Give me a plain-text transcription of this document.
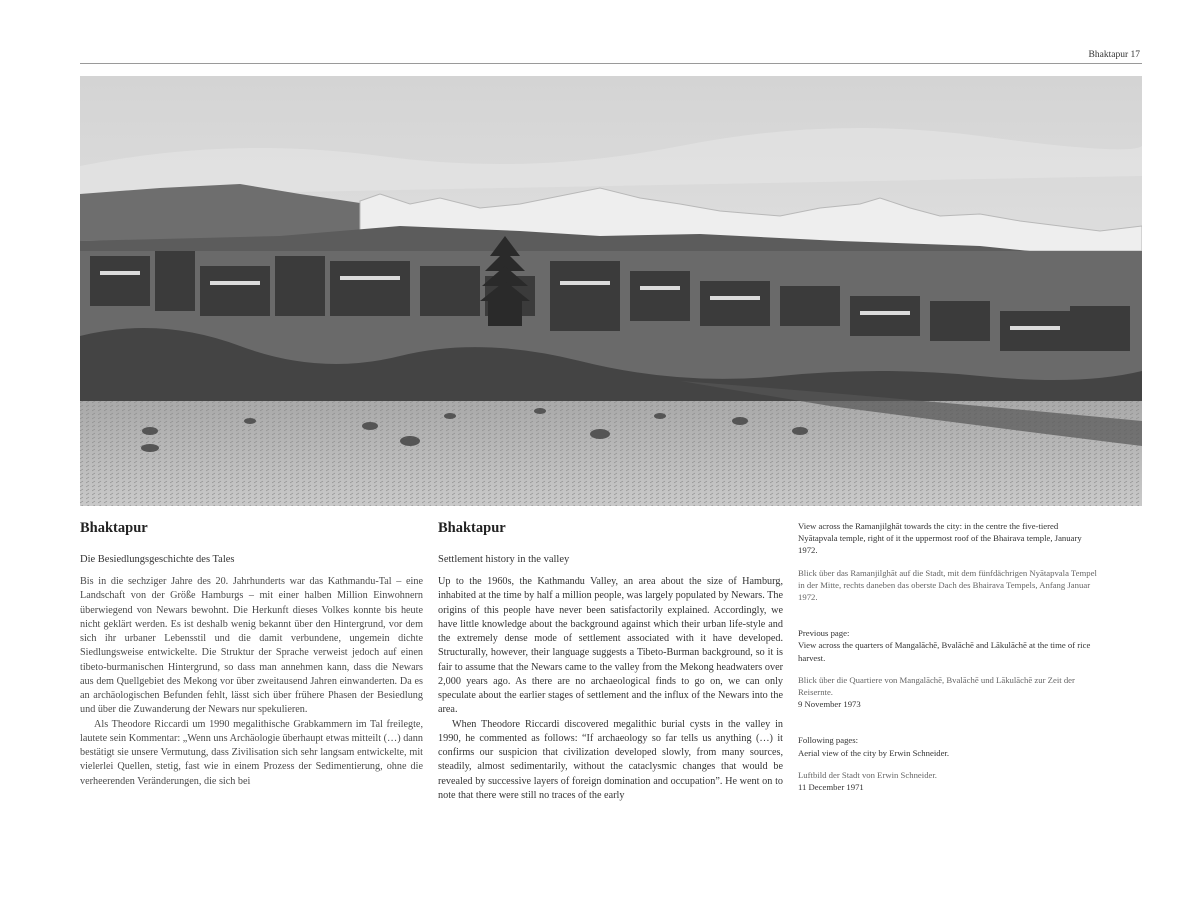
Bhaktapur 17
Bhaktapur
Die Besiedlungsgeschichte des Tales

Bis in die sechziger Jahre des 20. Jahrhunderts war das Kathmandu-Tal – eine Landschaft von der Größe Hamburgs – mit einer halben Million Einwohnern überwiegend von Newars bewohnt. Die Herkunft dieses Volkes konnte bis heute nicht geklärt werden. Es ist deshalb wenig bekannt über den Hintergrund, vor dem sich ihr urbaner Lebensstil und die damit verbundene, ungemein dichte Siedlungsweise entwickelte. Die Struktur der Sprache verweist jedoch auf einen tibeto-burmanischen Hintergrund, so dass man annehmen kann, dass die Newars aus dem Quellgebiet des Mekong vor über zweitausend Jahren einwanderten. Da es an archäologischen Befunden fehlt, lässt sich über frühere Phasen der Besiedlung und über die Zuwanderung der Newars nur spekulieren.

Als Theodore Riccardi um 1990 megalithische Grabkammern im Tal freilegte, lautete sein Kommentar: „Wenn uns Archäologie überhaupt etwas mitteilt (…) dann bestätigt sie unsere Vermutung, dass Zivilisation sich sehr langsam entwickelte, mit vielerlei Quellen, stetig, fast wie in einem Prozess der Sedimentierung, ohne die verheerenden Veränderungen, die sich bei

Bhaktapur
Settlement history in the valley

Up to the 1960s, the Kathmandu Valley, an area about the size of Hamburg, inhabited at the time by half a million people, was largely populated by Newars. The origins of this people have never been satisfactorily explained. Accordingly, we have little knowledge about the background against which their urban life-style and the extremely dense mode of settlement associated with it have developed. Structurally, however, their language suggests a Tibeto-Burman background, so it is fair to assume that the Newars came to the valley from the Mekong headwaters over 2,000 years ago. As there are no archaeological finds to go on, we can only speculate about the earlier stages of settlement and the influx of the Newars into the area.

When Theodore Riccardi discovered megalithic burial cysts in the valley in 1990, he commented as follows: “If archaeology so far tells us anything (…) it confirms our suspicion that civilization developed slowly, from many sources, steadily, almost sedimentarily, without the cataclysmic changes that would be revealed by successive layers of foreign domination and occupation”. He went on to note that there were still no traces of the early

View across the Ramanjilghāt towards the city: in the centre the five-tiered Nyātapvala temple, right of it the uppermost roof of the Bhairava temple, January 1972.

Blick über das Ramanjilghāt auf die Stadt, mit dem fünfdächrigen Nyātapvala Tempel in der Mitte, rechts daneben das oberste Dach des Bhairava Tempels, Anfang Januar 1972.

Previous page:

View across the quarters of Mangalāchē, Bvalāchē and Lākulāchē at the time of rice harvest.

Blick über die Quartiere von Mangalāchē, Bvalāchē und Lākulāchē zur Zeit der Reisernte.

9 November 1973

Following pages:

Aerial view of the city by Erwin Schneider.

Luftbild der Stadt von Erwin Schneider.

11 December 1971
